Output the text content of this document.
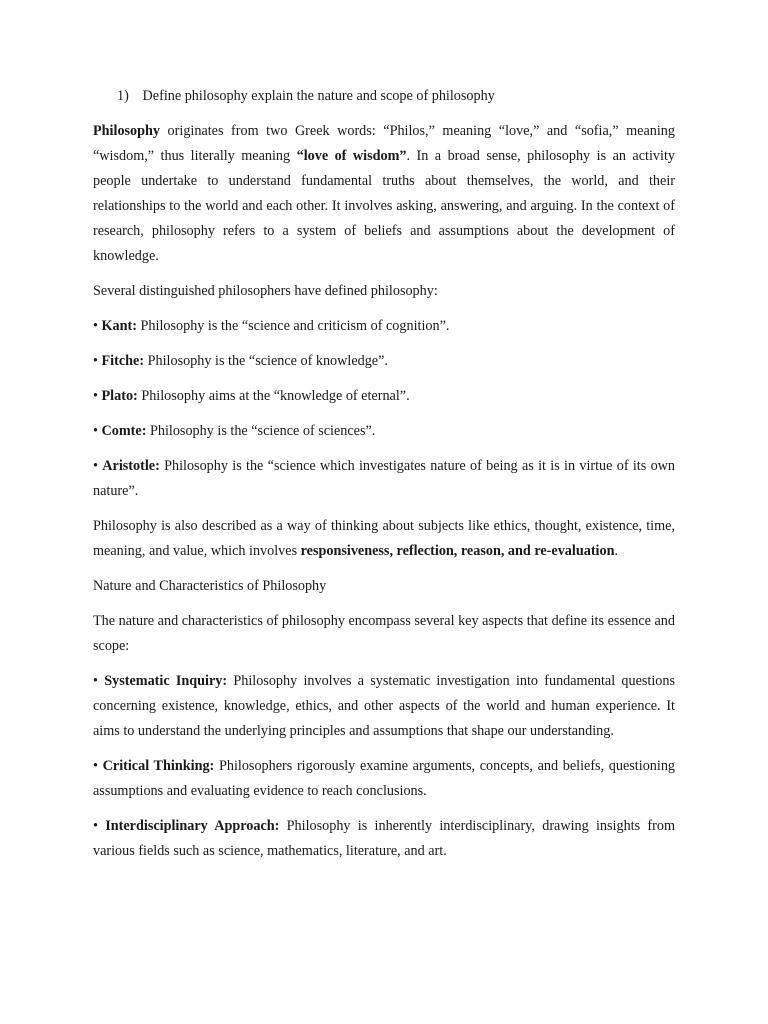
1) Define philosophy explain the nature and scope of philosophy

Philosophy originates from two Greek words: “Philos,” meaning “love,” and “sofia,” meaning “wisdom,” thus literally meaning “love of wisdom”. In a broad sense, philosophy is an activity people undertake to understand fundamental truths about themselves, the world, and their relationships to the world and each other. It involves asking, answering, and arguing. In the context of research, philosophy refers to a system of beliefs and assumptions about the development of knowledge.

Several distinguished philosophers have defined philosophy:

• Kant: Philosophy is the “science and criticism of cognition”.

• Fitche: Philosophy is the “science of knowledge”.

• Plato: Philosophy aims at the “knowledge of eternal”.

• Comte: Philosophy is the “science of sciences”.

• Aristotle: Philosophy is the “science which investigates nature of being as it is in virtue of its own nature”.

Philosophy is also described as a way of thinking about subjects like ethics, thought, existence, time, meaning, and value, which involves responsiveness, reflection, reason, and re-evaluation.

Nature and Characteristics of Philosophy

The nature and characteristics of philosophy encompass several key aspects that define its essence and scope:

• Systematic Inquiry: Philosophy involves a systematic investigation into fundamental questions concerning existence, knowledge, ethics, and other aspects of the world and human experience. It aims to understand the underlying principles and assumptions that shape our understanding.

• Critical Thinking: Philosophers rigorously examine arguments, concepts, and beliefs, questioning assumptions and evaluating evidence to reach conclusions.

• Interdisciplinary Approach: Philosophy is inherently interdisciplinary, drawing insights from various fields such as science, mathematics, literature, and art.
